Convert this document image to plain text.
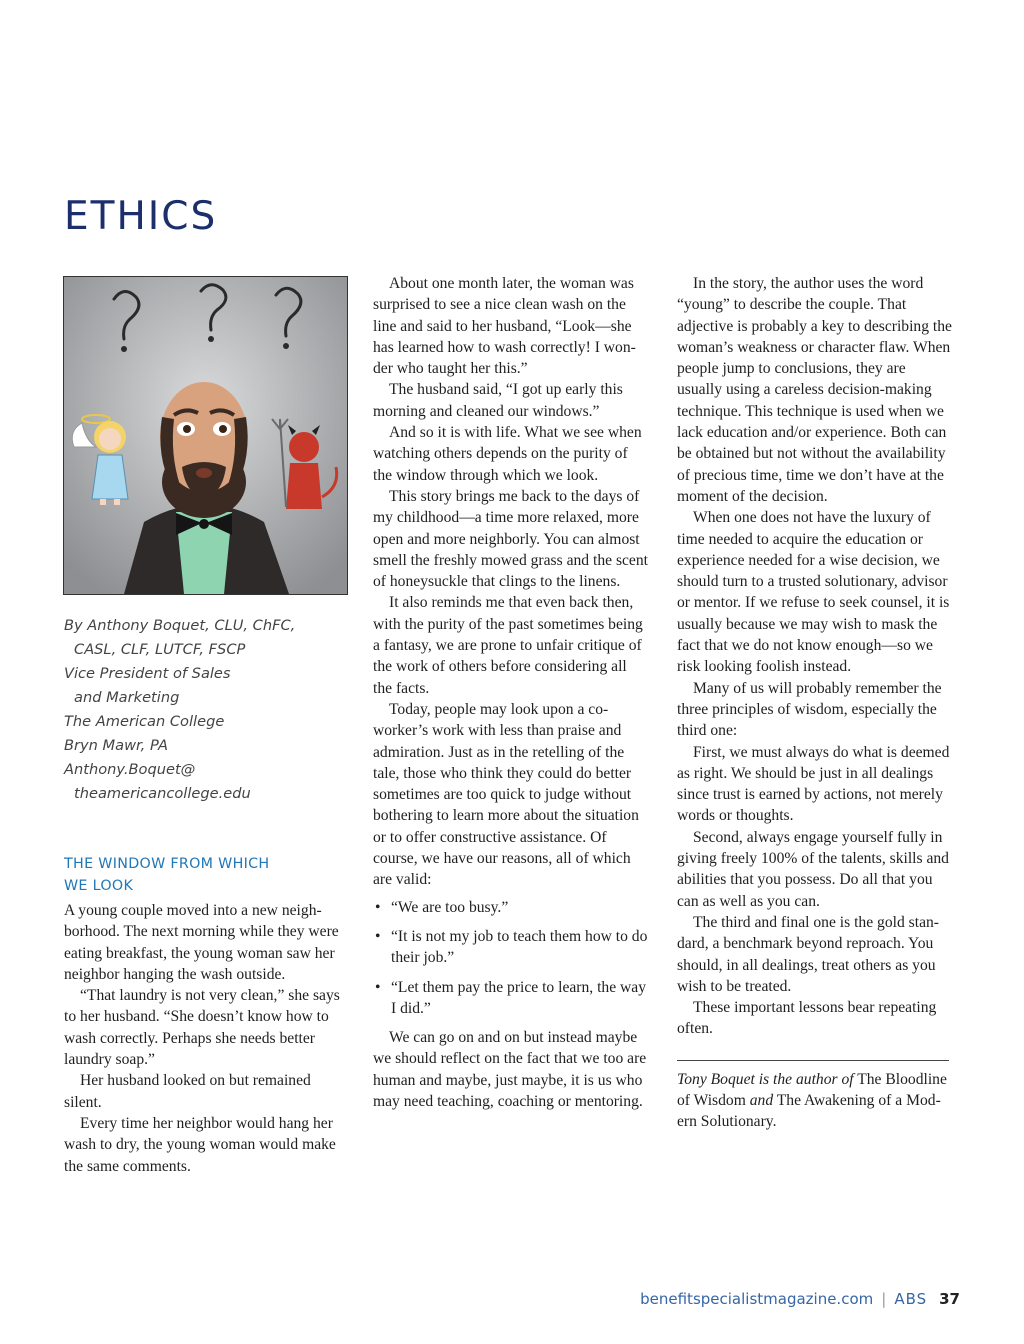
ETHICS
By Anthony Boquet, CLU, ChFC,
CASL, CLF, LUTCF, FSCP
Vice President of Sales
and Marketing
The American College
Bryn Mawr, PA
Anthony.Boquet@
theamericancollege.edu
THE WINDOW FROM WHICH
WE LOOK

A young couple moved into a new neighborhood. The next morning while they were eating breakfast, the young woman saw her neighbor hanging the wash outside.

“That laundry is not very clean,” she says to her husband. “She doesn’t know how to wash correctly. Perhaps she needs better laundry soap.”

Her husband looked on but remained silent.

Every time her neighbor would hang her wash to dry, the young woman would make the same comments.

About one month later, the woman was surprised to see a nice clean wash on the line and said to her husband, “Look—she has learned how to wash correctly! I wonder who taught her this.”

The husband said, “I got up early this morning and cleaned our windows.”

And so it is with life. What we see when watching others depends on the purity of the window through which we look.

This story brings me back to the days of my childhood—a time more relaxed, more open and more neighborly. You can almost smell the freshly mowed grass and the scent of honeysuckle that clings to the linens.

It also reminds me that even back then, with the purity of the past sometimes being a fantasy, we are prone to unfair critique of the work of others before considering all the facts.

Today, people may look upon a coworker’s work with less than praise and admiration. Just as in the retelling of the tale, those who think they could do better sometimes are too quick to judge without bothering to learn more about the situation or to offer constructive assistance. Of course, we have our reasons, all of which are valid:

• “We are too busy.”
• “It is not my job to teach them how to do their job.”
• “Let them pay the price to learn, the way I did.”

We can go on and on but instead maybe we should reflect on the fact that we too are human and maybe, just maybe, it is us who may need teaching, coaching or mentoring.

In the story, the author uses the word “young” to describe the couple. That adjective is probably a key to describing the woman’s weakness or character flaw. When people jump to conclusions, they are usually using a careless decision-making technique. This technique is used when we lack education and/or experience. Both can be obtained but not without the availability of precious time, time we don’t have at the moment of the decision.

When one does not have the luxury of time needed to acquire the education or experience needed for a wise decision, we should turn to a trusted solutionary, advisor or mentor. If we refuse to seek counsel, it is usually because we may wish to mask the fact that we do not know enough—so we risk looking foolish instead.

Many of us will probably remember the three principles of wisdom, especially the third one:

First, we must always do what is deemed as right. We should be just in all dealings since trust is earned by actions, not merely words or thoughts.

Second, always engage yourself fully in giving freely 100% of the talents, skills and abilities that you possess. Do all that you can as well as you can.

The third and final one is the gold standard, a benchmark beyond reproach. You should, in all dealings, treat others as you wish to be treated.

These important lessons bear repeating often.

Tony Boquet is the author of The Bloodline of Wisdom and The Awakening of a Modern Solutionary.

benefitspecialistmagazine.com | ABS 37
